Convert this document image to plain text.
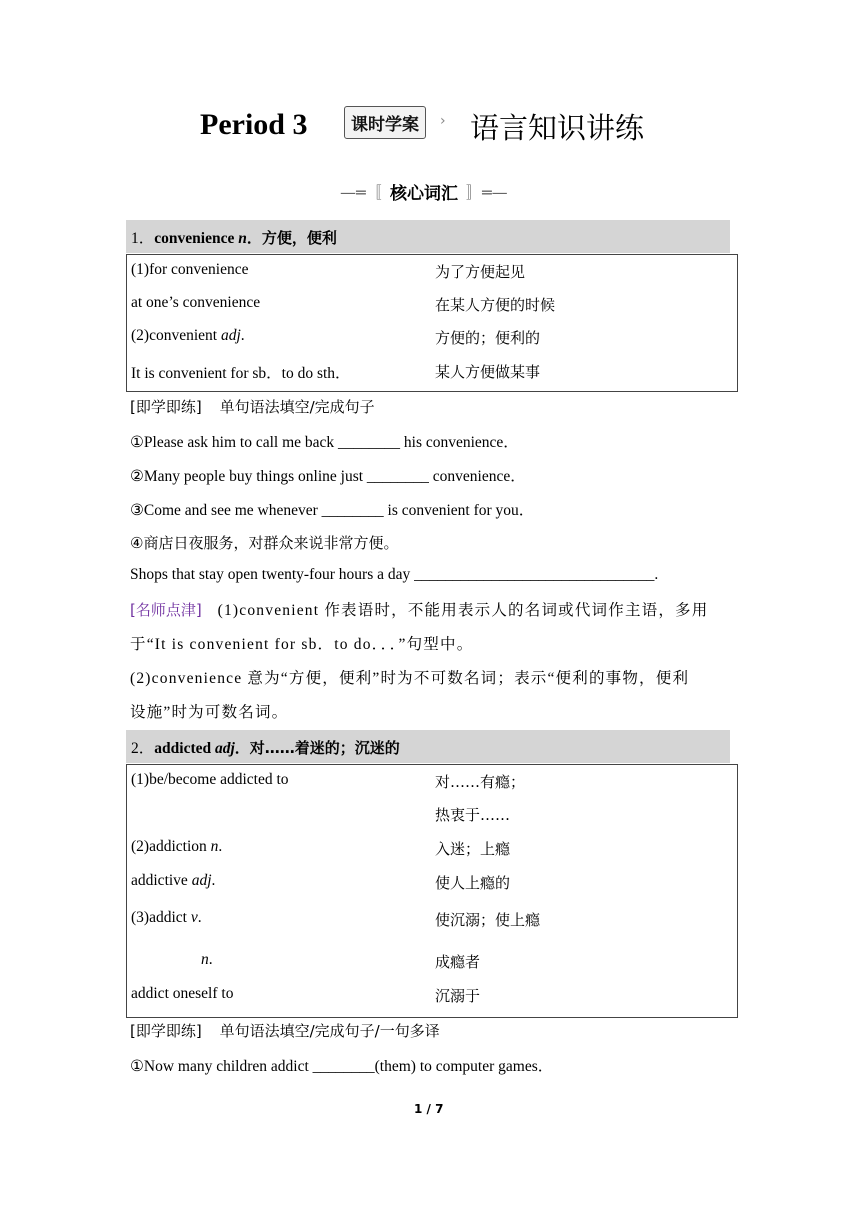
Period 3	课时学案	› 语言知识讲练
—═〚 核心词汇 〛═—
1．convenience n．方便，便利
(1)for convenience	为了方便起见
at one’s convenience	在某人方便的时候
(2)convenient adj.	方便的；便利的
It is convenient for sb．to do sth．	某人方便做某事
[即学即练] 单句语法填空/完成句子
①Please ask him to call me back ________ his convenience．
②Many people buy things online just ________ convenience．
③Come and see me whenever ________ is convenient for you．
④商店日夜服务，对群众来说非常方便。
Shops that stay open twenty-four hours a day _______________________________.
[名师点津] (1)convenient 作表语时，不能用表示人的名词或代词作主语，多用
于“It is convenient for sb．to do．．．”句型中。
(2)convenience 意为“方便，便利”时为不可数名词；表示“便利的事物，便利
设施”时为可数名词。
2．addicted adj．对……着迷的；沉迷的
(1)be/become addicted to	对……有瘾；
热衷于……
(2)addiction n.	入迷；上瘾
addictive adj.	使人上瘾的
(3)addict v.	使沉溺；使上瘾
n.	成瘾者
addict oneself to	沉溺于
[即学即练] 单句语法填空/完成句子/一句多译
①Now many children addict ________(them) to computer games．
1 / 7
